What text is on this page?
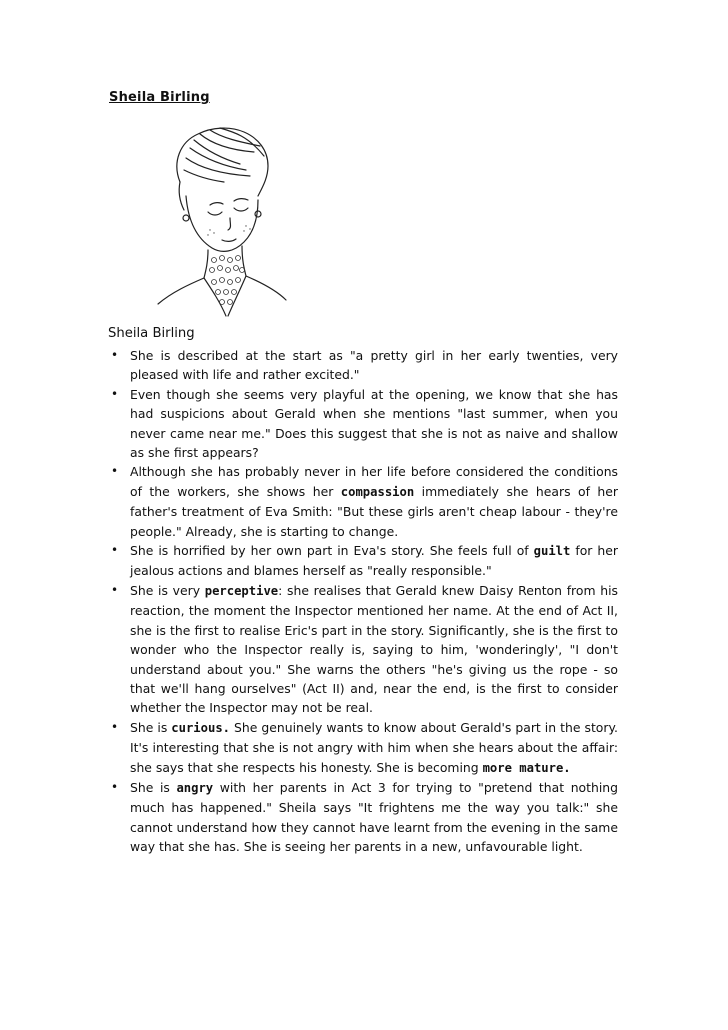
Sheila Birling
Sheila Birling
• She is described at the start as "a pretty girl in her early twenties, very pleased with life and rather excited."
• Even though she seems very playful at the opening, we know that she has had suspicions about Gerald when she mentions "last summer, when you never came near me." Does this suggest that she is not as naive and shallow as she first appears?
• Although she has probably never in her life before considered the conditions of the workers, she shows her compassion immediately she hears of her father's treatment of Eva Smith: "But these girls aren't cheap labour - they're people." Already, she is starting to change.
• She is horrified by her own part in Eva's story. She feels full of guilt for her jealous actions and blames herself as "really responsible."
• She is very perceptive: she realises that Gerald knew Daisy Renton from his reaction, the moment the Inspector mentioned her name. At the end of Act II, she is the first to realise Eric's part in the story. Significantly, she is the first to wonder who the Inspector really is, saying to him, 'wonderingly', "I don't understand about you." She warns the others "he's giving us the rope - so that we'll hang ourselves" (Act II) and, near the end, is the first to consider whether the Inspector may not be real.
• She is curious. She genuinely wants to know about Gerald's part in the story. It's interesting that she is not angry with him when she hears about the affair: she says that she respects his honesty. She is becoming more mature.
• She is angry with her parents in Act 3 for trying to "pretend that nothing much has happened." Sheila says "It frightens me the way you talk:" she cannot understand how they cannot have learnt from the evening in the same way that she has. She is seeing her parents in a new, unfavourable light.
